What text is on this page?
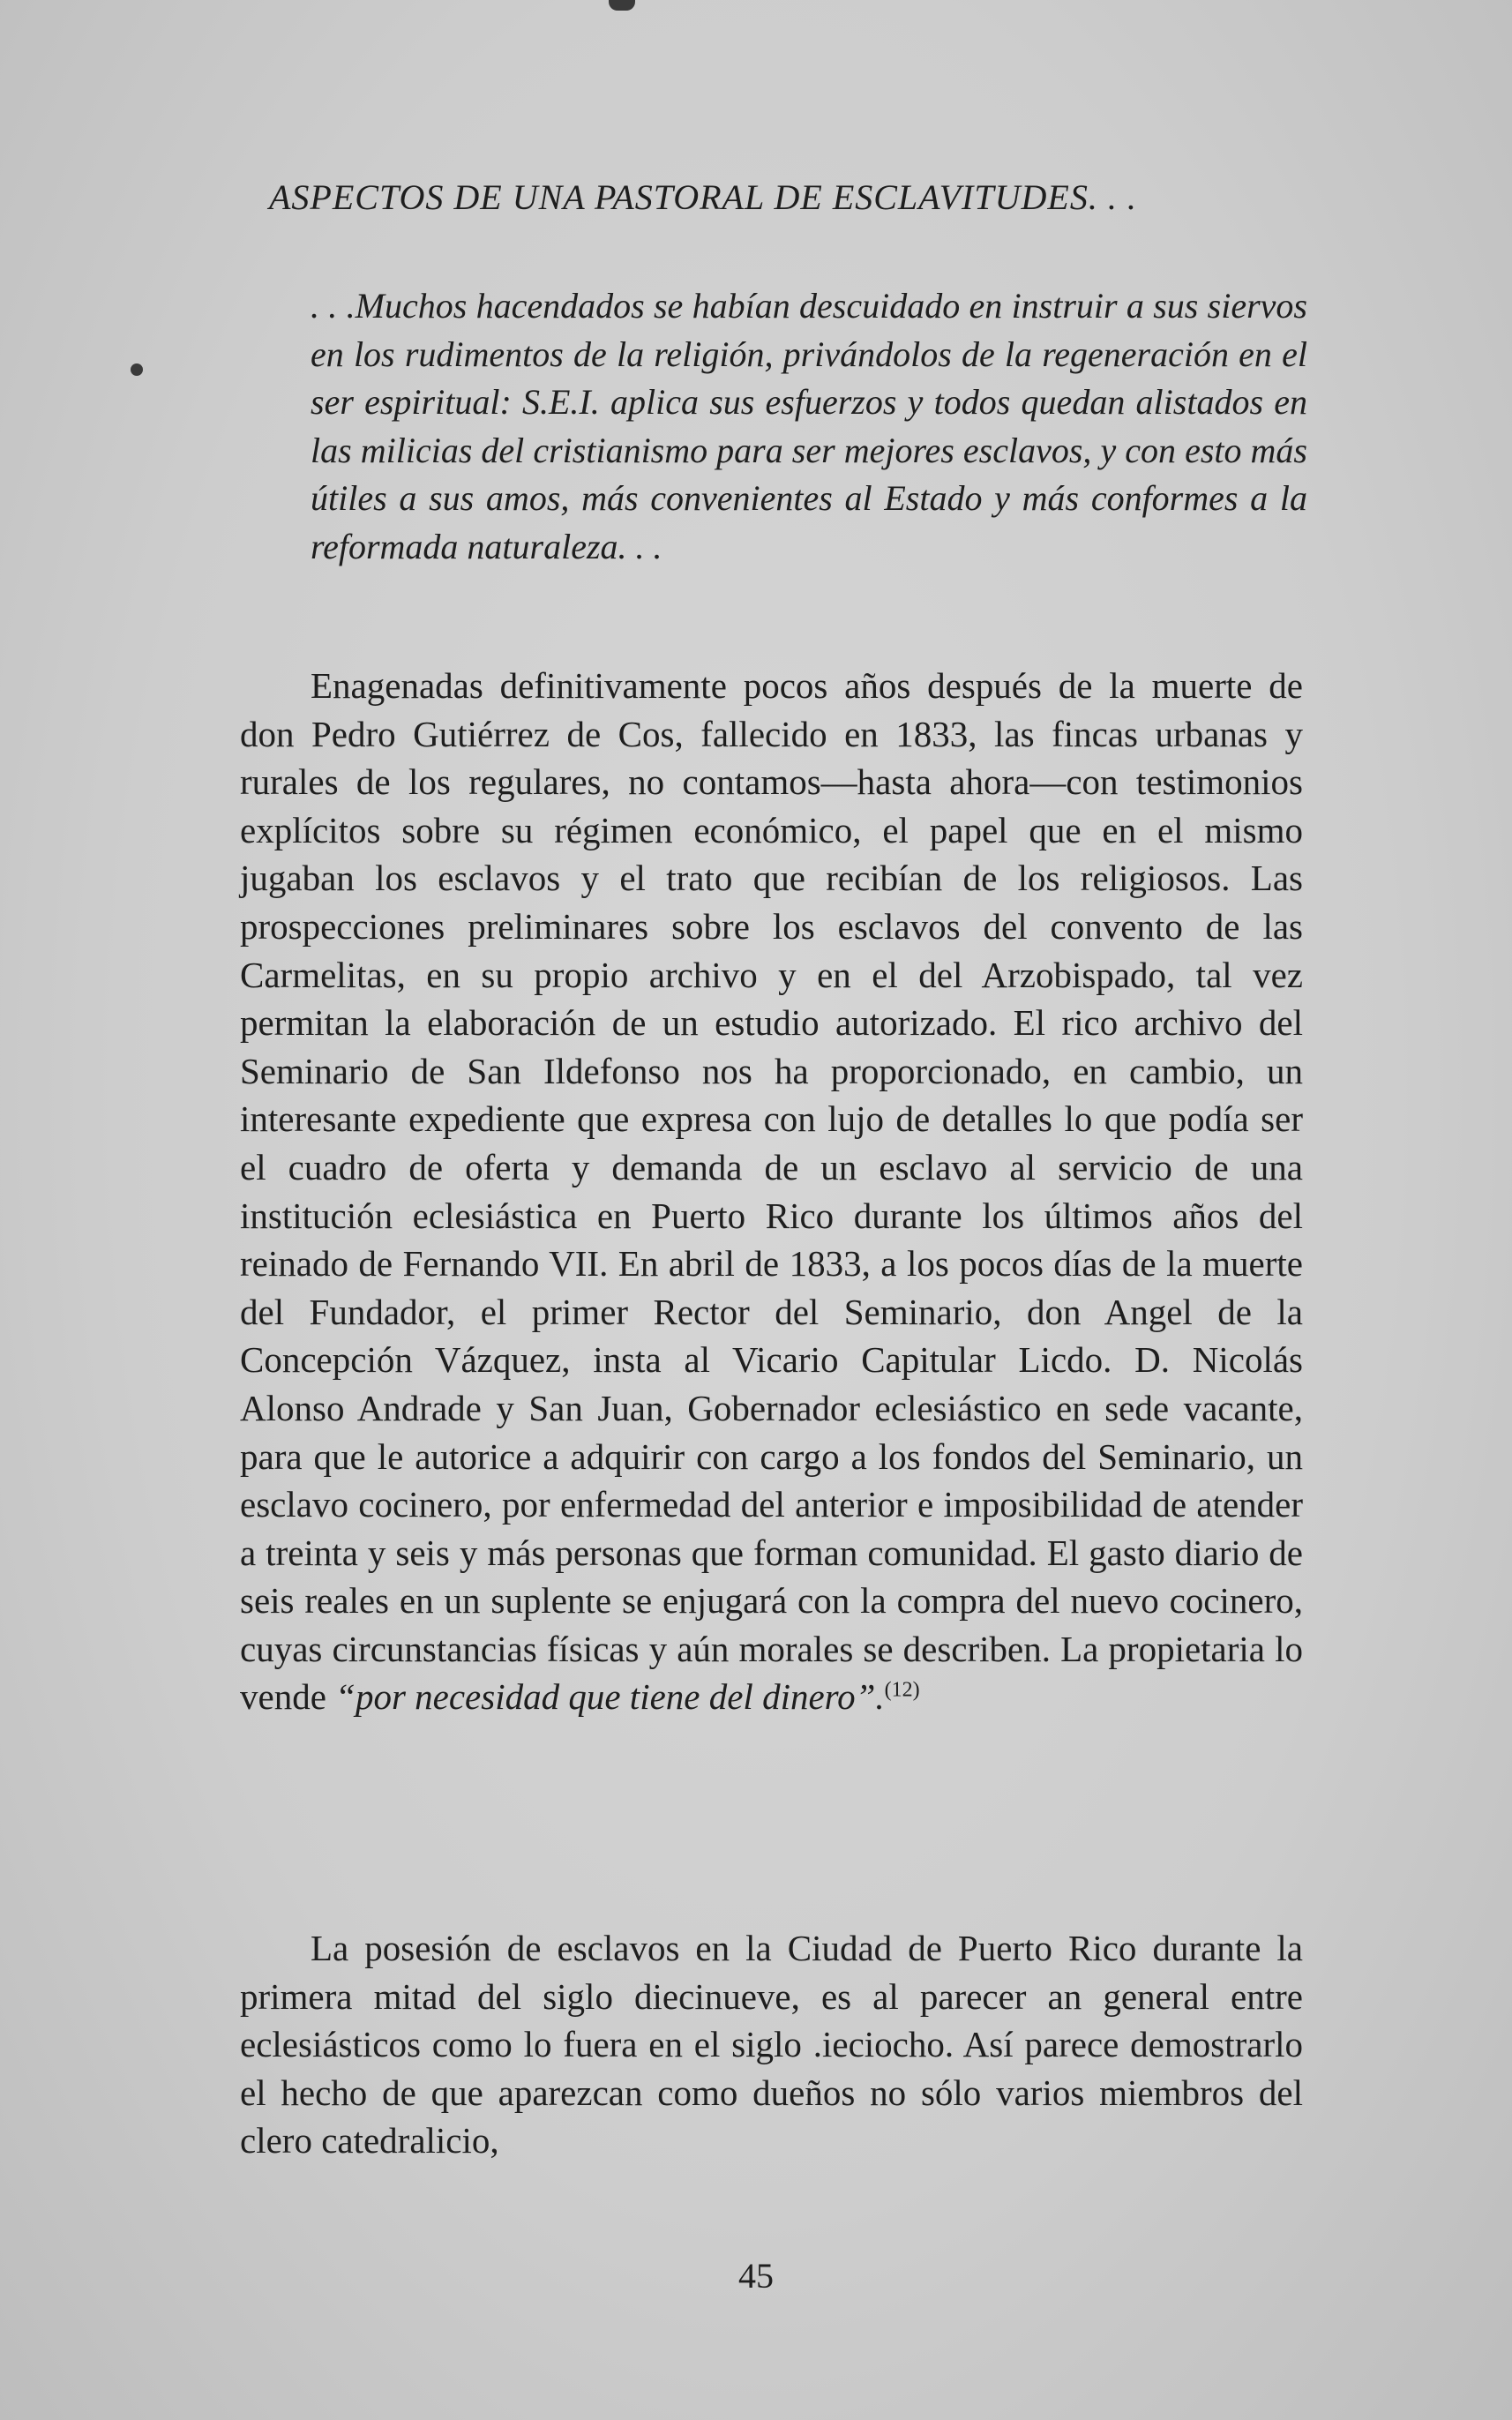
ASPECTOS DE UNA PASTORAL DE ESCLAVITUDES. . .

. . .Muchos hacendados se habían descuidado en instruir a sus siervos en los rudimentos de la religión, privándolos de la regeneración en el ser espiritual: S.E.I. aplica sus esfuerzos y todos quedan alistados en las milicias del cristianismo para ser mejores esclavos, y con esto más útiles a sus amos, más convenientes al Estado y más conformes a la reformada naturaleza. . .

Enagenadas definitivamente pocos años después de la muerte de don Pedro Gutiérrez de Cos, fallecido en 1833, las fincas urbanas y rurales de los regulares, no contamos—hasta ahora—con testimonios explícitos sobre su régimen económico, el papel que en el mismo jugaban los esclavos y el trato que recibían de los religiosos. Las prospecciones preliminares sobre los esclavos del convento de las Carmelitas, en su propio archivo y en el del Arzobispado, tal vez permitan la elaboración de un estudio autorizado. El rico archivo del Seminario de San Ildefonso nos ha proporcionado, en cambio, un interesante expediente que expresa con lujo de detalles lo que podía ser el cuadro de oferta y demanda de un esclavo al servicio de una institución eclesiástica en Puerto Rico durante los últimos años del reinado de Fernando VII. En abril de 1833, a los pocos días de la muerte del Fundador, el primer Rector del Seminario, don Angel de la Concepción Vázquez, insta al Vicario Capitular Licdo. D. Nicolás Alonso Andrade y San Juan, Gobernador eclesiástico en sede vacante, para que le autorice a adquirir con cargo a los fondos del Seminario, un esclavo cocinero, por enfermedad del anterior e imposibilidad de atender a treinta y seis y más personas que forman comunidad. El gasto diario de seis reales en un suplente se enjugará con la compra del nuevo cocinero, cuyas circunstancias físicas y aún morales se describen. La propietaria lo vende “por necesidad que tiene del dinero”.$^{(12)}$

La posesión de esclavos en la Ciudad de Puerto Rico durante la primera mitad del siglo diecinueve, es al parecer an general entre eclesiásticos como lo fuera en el siglo .ieciocho. Así parece demostrarlo el hecho de que aparezcan como dueños no sólo varios miembros del clero catedralicio,

45
